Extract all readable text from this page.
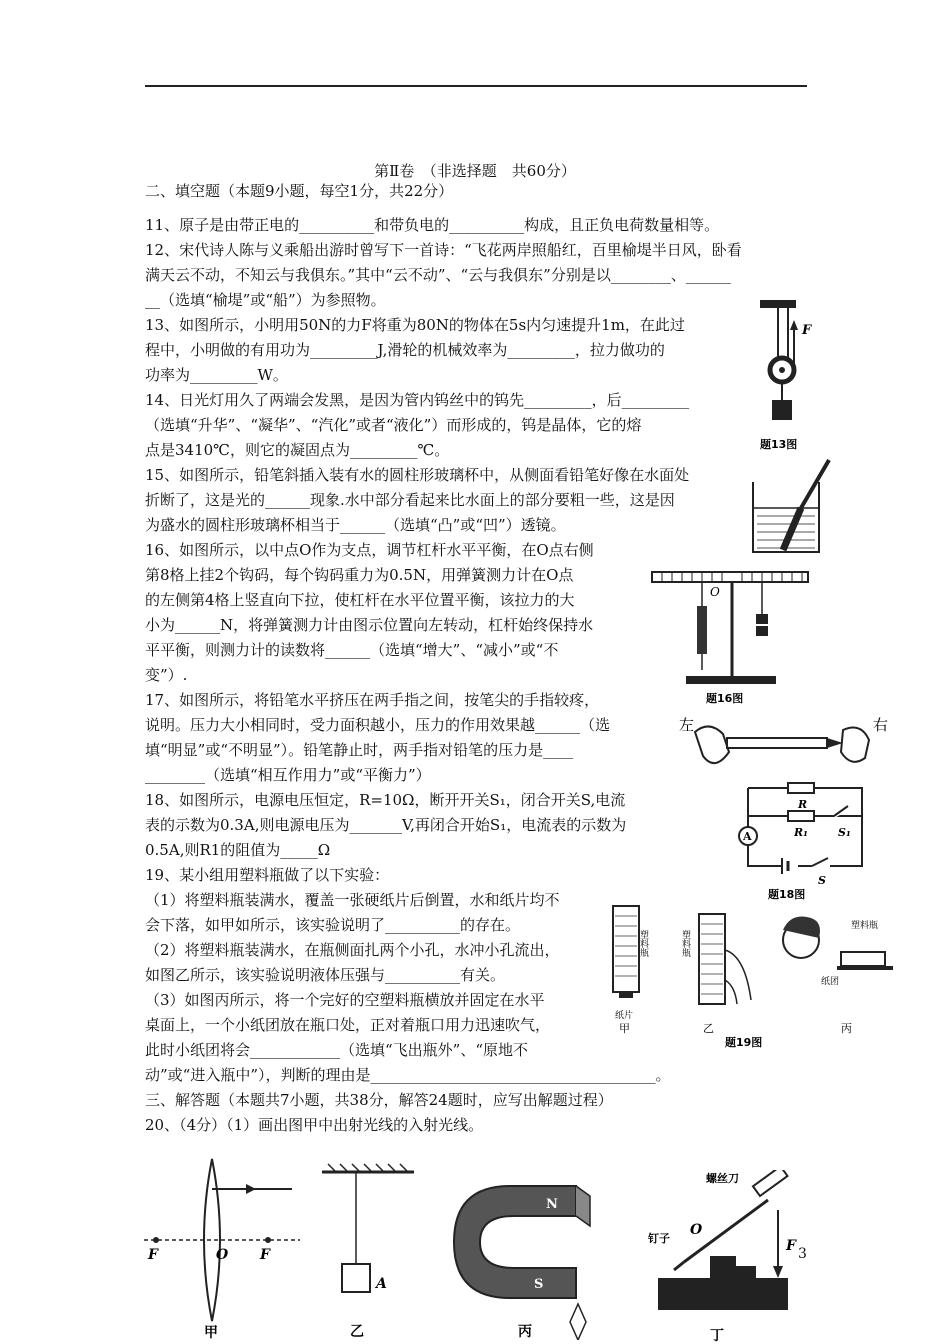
第Ⅱ卷　（非选择题　共60分）
二、填空题（本题9小题，每空1分，共22分）
11、原子是由带正电的__________和带负电的__________构成，且正负电荷数量相等。
12、宋代诗人陈与义乘船出游时曾写下一首诗：“飞花两岸照船红，百里榆堤半日风，卧看
满天云不动，不知云与我俱东。”其中“云不动”、“云与我俱东”分别是以________、______
__（选填“榆堤”或“船”）为参照物。
13、如图所示，小明用50N的力F将重为80N的物体在5s内匀速提升1m，在此过
程中，小明做的有用功为_________J,滑轮的机械效率为_________，拉力做功的
功率为_________W。
14、日光灯用久了两端会发黑，是因为管内钨丝中的钨先_________，后_________
（选填“升华”、“凝华”、“汽化”或者“液化”）而形成的，钨是晶体，它的熔
点是3410℃，则它的凝固点为_________℃。
15、如图所示，铅笔斜插入装有水的圆柱形玻璃杯中，从侧面看铅笔好像在水面处
折断了，这是光的______现象.水中部分看起来比水面上的部分要粗一些，这是因
为盛水的圆柱形玻璃杯相当于______（选填“凸”或“凹”）透镜。
16、如图所示，以中点O作为支点，调节杠杆水平平衡，在O点右侧
第8格上挂2个钩码，每个钩码重力为0.5N，用弹簧测力计在O点
的左侧第4格上竖直向下拉，使杠杆在水平位置平衡，该拉力的大
小为______N，将弹簧测力计由图示位置向左转动，杠杆始终保持水
平平衡，则测力计的读数将______（选填“增大”、“减小”或“不
变”）.
17、如图所示，将铅笔水平挤压在两手指之间，按笔尖的手指较疼，
说明。压力大小相同时，受力面积越小，压力的作用效果越______（选
填“明显”或“不明显”）。铅笔静止时，两手指对铅笔的压力是____
________（选填“相互作用力”或“平衡力”）
18、如图所示，电源电压恒定，R=10Ω，断开开关S₁，闭合开关S,电流
表的示数为0.3A,则电源电压为_______V,再闭合开始S₁，电流表的示数为
0.5A,则R1的阻值为_____Ω
19、某小组用塑料瓶做了以下实验：
（1）将塑料瓶装满水，覆盖一张硬纸片后倒置，水和纸片均不
会下落，如甲如所示，该实验说明了__________的存在。
（2）将塑料瓶装满水，在瓶侧面扎两个小孔，水冲小孔流出，
如图乙所示，该实验说明液体压强与__________有关。
（3）如图丙所示，将一个完好的空塑料瓶横放并固定在水平
桌面上，一个小纸团放在瓶口处，正对着瓶口用力迅速吹气，
此时小纸团将会____________（选填“飞出瓶外”、“原地不
动”或“进入瓶中”），判断的理由是______________________________________。
三、解答题（本题共7小题，共38分，解答24题时，应写出解题过程）
20、（4分）（1）画出图甲中出射光线的入射光线。
F
题13图
O
题16图
左	右
R
R₁	S₁
A
S
题18图
塑料瓶
纸片
甲
塑料瓶
乙
塑料瓶
纸团
丙
题19图
F	O F
甲
A
乙
N
S
丙
螺丝刀
O
钉子	F
丁
3
